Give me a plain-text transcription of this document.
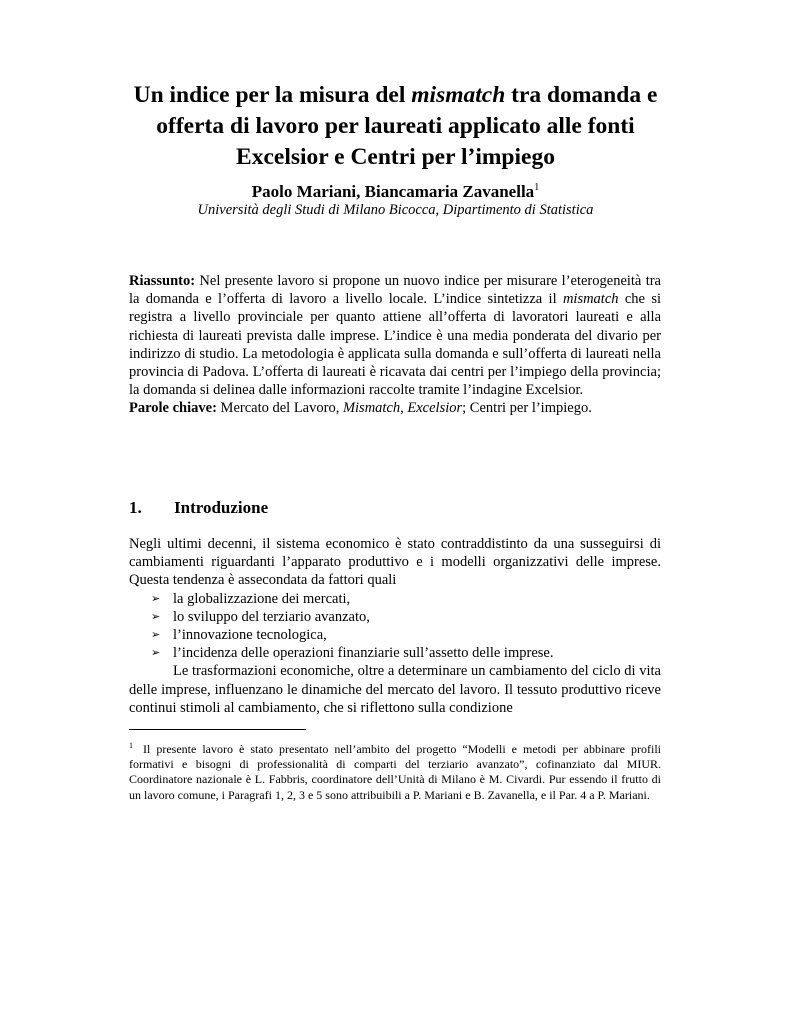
Un indice per la misura del mismatch tra domanda e
offerta di lavoro per laureati applicato alle fonti
Excelsior e Centri per l’impiego
Paolo Mariani, Biancamaria Zavanella$^1$
Università degli Studi di Milano Bicocca, Dipartimento di Statistica

Riassunto: Nel presente lavoro si propone un nuovo indice per misurare l’eterogeneità tra la domanda e l’offerta di lavoro a livello locale. L’indice sintetizza il mismatch che si registra a livello provinciale per quanto attiene all’offerta di lavoratori laureati e alla richiesta di laureati prevista dalle imprese. L’indice è una media ponderata del divario per indirizzo di studio. La metodologia è applicata sulla domanda e sull’offerta di laureati nella provincia di Padova. L’offerta di laureati è ricavata dai centri per l’impiego della provincia; la domanda si delinea dalle informazioni raccolte tramite l’indagine Excelsior.

Parole chiave: Mercato del Lavoro, Mismatch, Excelsior; Centri per l’impiego.

1. Introduzione

Negli ultimi decenni, il sistema economico è stato contraddistinto da una susseguirsi di cambiamenti riguardanti l’apparato produttivo e i modelli organizzativi delle imprese. Questa tendenza è assecondata da fattori quali

➢ la globalizzazione dei mercati,
➢ lo sviluppo del terziario avanzato,
➢ l’innovazione tecnologica,
➢ l’incidenza delle operazioni finanziarie sull’assetto delle imprese.

Le trasformazioni economiche, oltre a determinare un cambiamento del ciclo di vita delle imprese, influenzano le dinamiche del mercato del lavoro. Il tessuto produttivo riceve continui stimoli al cambiamento, che si riflettono sulla condizione

$^1$ Il presente lavoro è stato presentato nell’ambito del progetto “Modelli e metodi per abbinare profili formativi e bisogni di professionalità di comparti del terziario avanzato”, cofinanziato dal MIUR. Coordinatore nazionale è L. Fabbris, coordinatore dell’Unità di Milano è M. Civardi. Pur essendo il frutto di un lavoro comune, i Paragrafi 1, 2, 3 e 5 sono attribuibili a P. Mariani e B. Zavanella, e il Par. 4 a P. Mariani.
